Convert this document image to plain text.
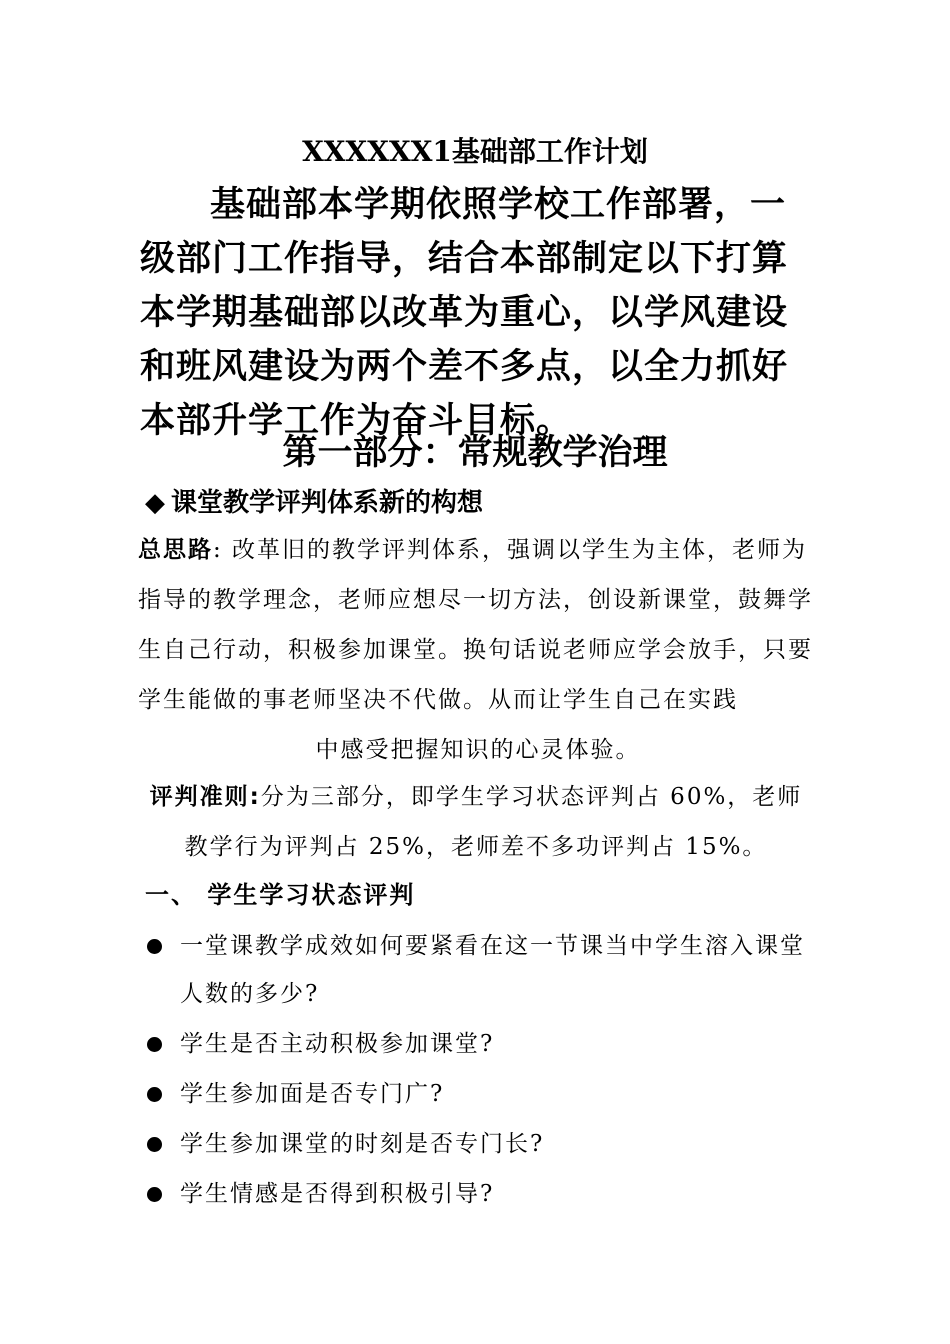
XXXXXX1基础部工作计划
基础部本学期依照学校工作部署，一级部门工作指导，结合本部制定以下打算本学期基础部以改革为重心，以学风建设和班风建设为两个差不多点，以全力抓好本部升学工作为奋斗目标。
第一部分：常规教学治理
◆ 课堂教学评判体系新的构想
总思路: 改革旧的教学评判体系，强调以学生为主体，老师为指导的教学理念，老师应想尽一切方法，创设新课堂，鼓舞学生自己行动，积极参加课堂。换句话说老师应学会放手，只要学生能做的事老师坚决不代做。从而让学生自己在实践
中感受把握知识的心灵体验。
评判准则:分为三部分，即学生学习状态评判占 60%，老师教学行为评判占 25%，老师差不多功评判占 15%。
一、 学生学习状态评判
一堂课教学成效如何要紧看在这一节课当中学生溶入课堂人数的多少?
学生是否主动积极参加课堂?
学生参加面是否专门广?
学生参加课堂的时刻是否专门长?
学生情感是否得到积极引导?
